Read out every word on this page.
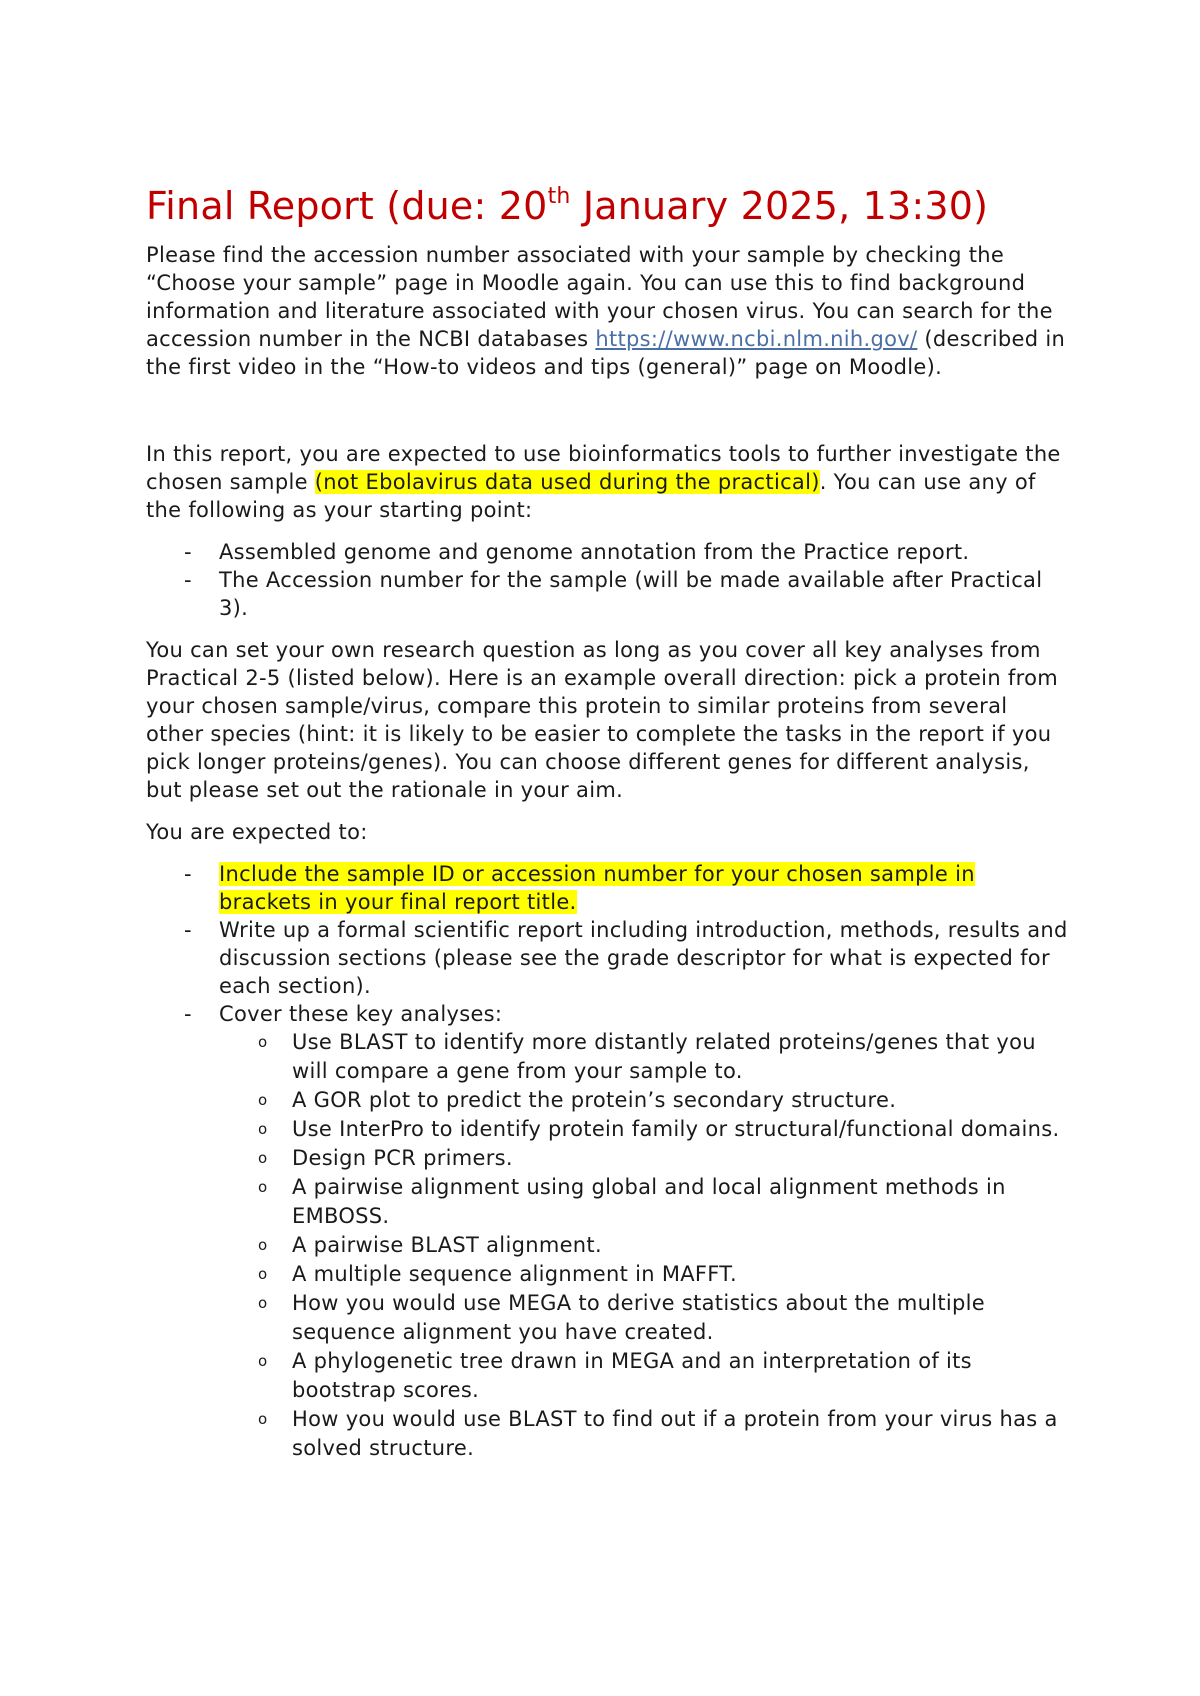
Final Report (due: 20th January 2025, 13:30)

Please find the accession number associated with your sample by checking the “Choose your sample” page in Moodle again. You can use this to find background information and literature associated with your chosen virus. You can search for the accession number in the NCBI databases https://www.ncbi.nlm.nih.gov/ (described in the first video in the “How-to videos and tips (general)” page on Moodle).

In this report, you are expected to use bioinformatics tools to further investigate the chosen sample (not Ebolavirus data used during the practical). You can use any of the following as your starting point:

- Assembled genome and genome annotation from the Practice report.
- The Accession number for the sample (will be made available after Practical 3).

You can set your own research question as long as you cover all key analyses from Practical 2-5 (listed below). Here is an example overall direction: pick a protein from your chosen sample/virus, compare this protein to similar proteins from several other species (hint: it is likely to be easier to complete the tasks in the report if you pick longer proteins/genes). You can choose different genes for different analysis, but please set out the rationale in your aim.

You are expected to:

- Include the sample ID or accession number for your chosen sample in brackets in your final report title.
- Write up a formal scientific report including introduction, methods, results and discussion sections (please see the grade descriptor for what is expected for each section).
- Cover these key analyses:
o Use BLAST to identify more distantly related proteins/genes that you will compare a gene from your sample to.
o A GOR plot to predict the protein’s secondary structure.
o Use InterPro to identify protein family or structural/functional domains.
o Design PCR primers.
o A pairwise alignment using global and local alignment methods in EMBOSS.
o A pairwise BLAST alignment.
o A multiple sequence alignment in MAFFT.
o How you would use MEGA to derive statistics about the multiple sequence alignment you have created.
o A phylogenetic tree drawn in MEGA and an interpretation of its bootstrap scores.
o How you would use BLAST to find out if a protein from your virus has a solved structure.
